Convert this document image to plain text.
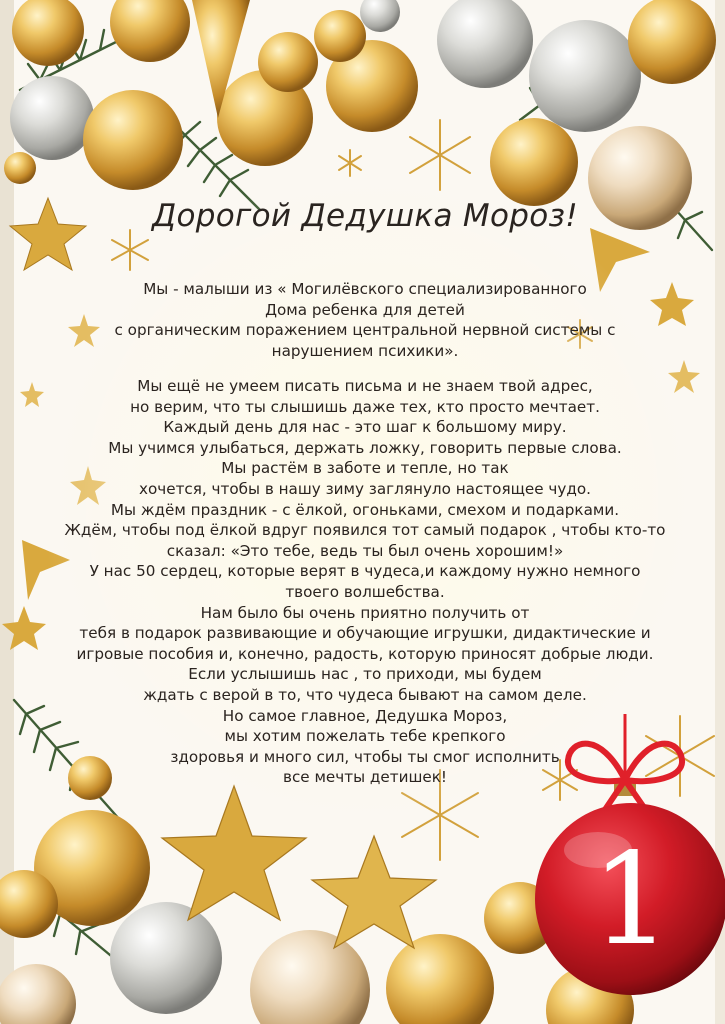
Дорогой Дедушка Мороз!
Мы - малыши из « Могилёвского специализированного
Дома ребенка для детей
с органическим поражением центральной нервной системы с
нарушением психики».
Мы ещё не умеем писать письма и не знаем твой адрес,
но верим, что ты слышишь даже тех, кто просто мечтает.
Каждый день для нас - это шаг к большому миру.
Мы учимся улыбаться, держать ложку, говорить первые слова.
Мы растём в заботе и тепле, но так
хочется, чтобы в нашу зиму заглянуло настоящее чудо.
Мы ждём праздник - с ёлкой, огоньками, смехом и подарками.
Ждём, чтобы под ёлкой вдруг появился тот самый подарок , чтобы кто-то
сказал: «Это тебе, ведь ты был очень хорошим!»
У нас 50 сердец, которые верят в чудеса,и каждому нужно немного
твоего волшебства.
Нам было бы очень приятно получить от
тебя в подарок развивающие и обучающие игрушки, дидактические и
игровые пособия и, конечно, радость, которую приносят добрые люди.
Если услышишь нас , то приходи, мы будем
ждать с верой в то, что чудеса бывают на самом деле.
Но самое главное, Дедушка Мороз,
мы хотим пожелать тебе крепкого
здоровья и много сил, чтобы ты смог исполнить
все мечты детишек!
1
